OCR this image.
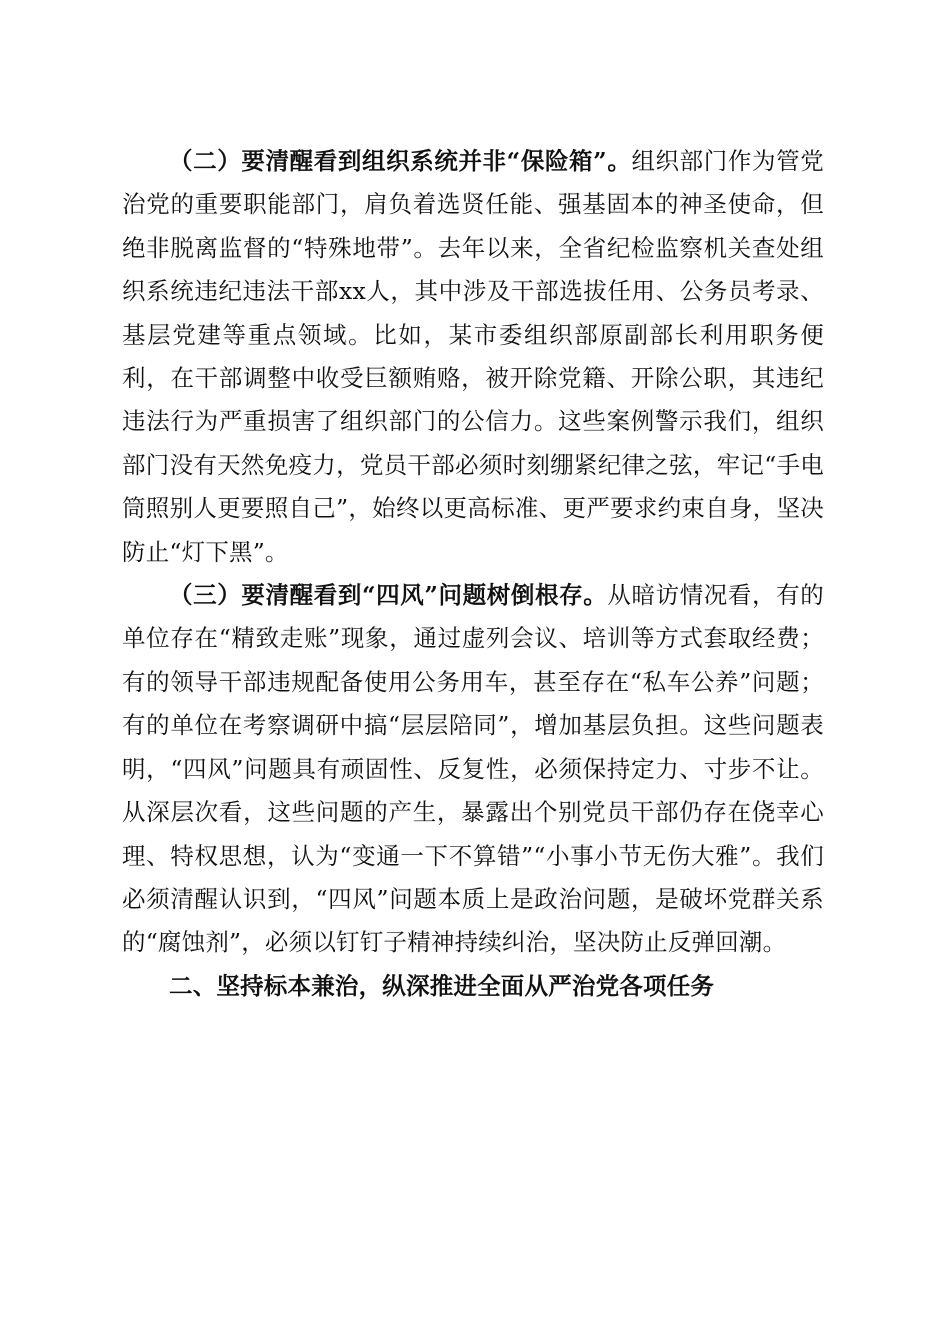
（二）要清醒看到组织系统并非“保险箱”。组织部门作为管党治党的重要职能部门，肩负着选贤任能、强基固本的神圣使命，但绝非脱离监督的“特殊地带”。去年以来，全省纪检监察机关查处组织系统违纪违法干部xx人，其中涉及干部选拔任用、公务员考录、基层党建等重点领域。比如，某市委组织部原副部长利用职务便利，在干部调整中收受巨额贿赂，被开除党籍、开除公职，其违纪违法行为严重损害了组织部门的公信力。这些案例警示我们，组织部门没有天然免疫力，党员干部必须时刻绷紧纪律之弦，牢记“手电筒照别人更要照自己”，始终以更高标准、更严要求约束自身，坚决防止“灯下黑”。

（三）要清醒看到“四风”问题树倒根存。从暗访情况看，有的单位存在“精致走账”现象，通过虚列会议、培训等方式套取经费；有的领导干部违规配备使用公务用车，甚至存在“私车公养”问题；有的单位在考察调研中搞“层层陪同”，增加基层负担。这些问题表明，“四风”问题具有顽固性、反复性，必须保持定力、寸步不让。从深层次看，这些问题的产生，暴露出个别党员干部仍存在侥幸心理、特权思想，认为“变通一下不算错”“小事小节无伤大雅”。我们必须清醒认识到，“四风”问题本质上是政治问题，是破坏党群关系的“腐蚀剂”，必须以钉钉子精神持续纠治，坚决防止反弹回潮。

二、坚持标本兼治，纵深推进全面从严治党各项任务
